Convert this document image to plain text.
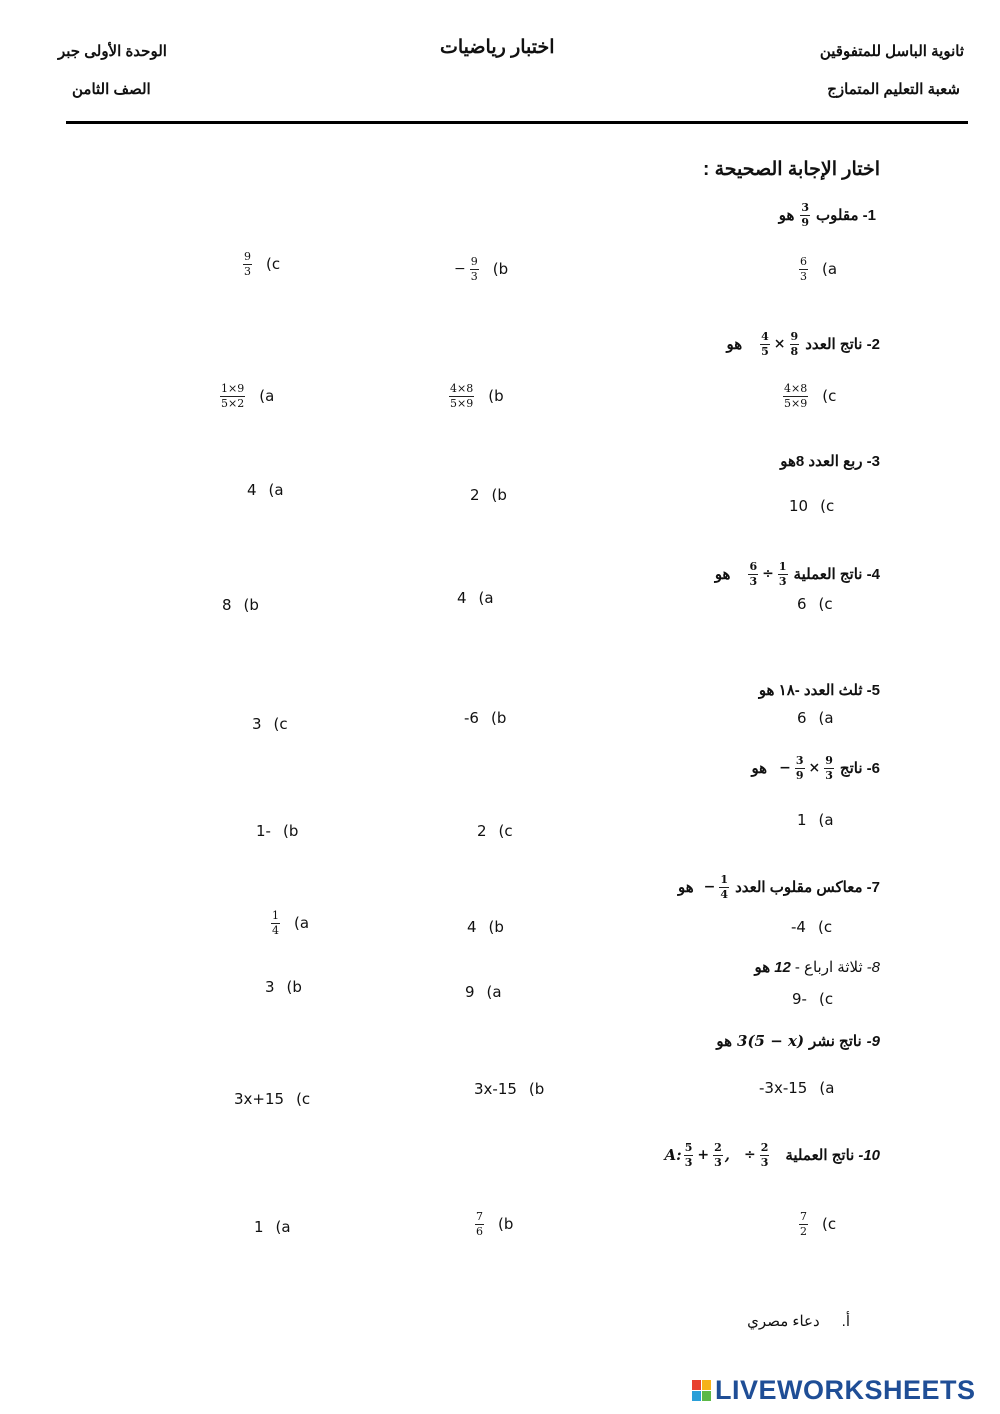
ثانوية الباسل للمتفوقين
شعبة التعليم المتمازج
اختبار رياضيات
الوحدة الأولى جبر
الصف الثامن
اختار الإجابة الصحيحة :
1- مقلوب
$\frac{3}{9}$
هو
$\frac{6}{3} (a$
− $\frac{9}{3} (b$
$\frac{9}{3} (c$
2- ناتج العدد
$\frac{4}{5} \times \frac{9}{8}$
هو
$\frac{4\times 8}{5\times 9} (c$
$\frac{4\times 8}{5\times 9} (b$
$\frac{1\times 9}{5\times 2} (a$
3- ربع العدد 8هو
10 (c
2 (b
4 (a
4- ناتج العملية
$\frac{6}{3} \div \frac{1}{3}$
هو
6 (c
4 (a
8 (b
5- ثلث العدد -١٨ هو
6 (a
-6 (b
3 (c
6- ناتج
− $\frac{3}{9} \times \frac{9}{3}$
هو
1 (a
2 (c
1- (b
7- معاكس مقلوب العدد
− $\frac{1}{4}$
هو
-4 (c
4 (b
$\frac{1}{4} (a$
8-
ثلاثة ارباع -
12
هو
9- (c
9 (a
3 (b
9-
ناتج نشر
3(5 − x)
هو
-3x-15 (a
3x-15 (b
3x+15 (c
10-
ناتج العملية
A: $\frac{5}{3} + \frac{2}{3}$ , ÷ $\frac{2}{3}$
$\frac{7}{2} (c$
$\frac{7}{6} (b$
1 (a
أ.
دعاء مصري
LIVEWORKSHEETS
